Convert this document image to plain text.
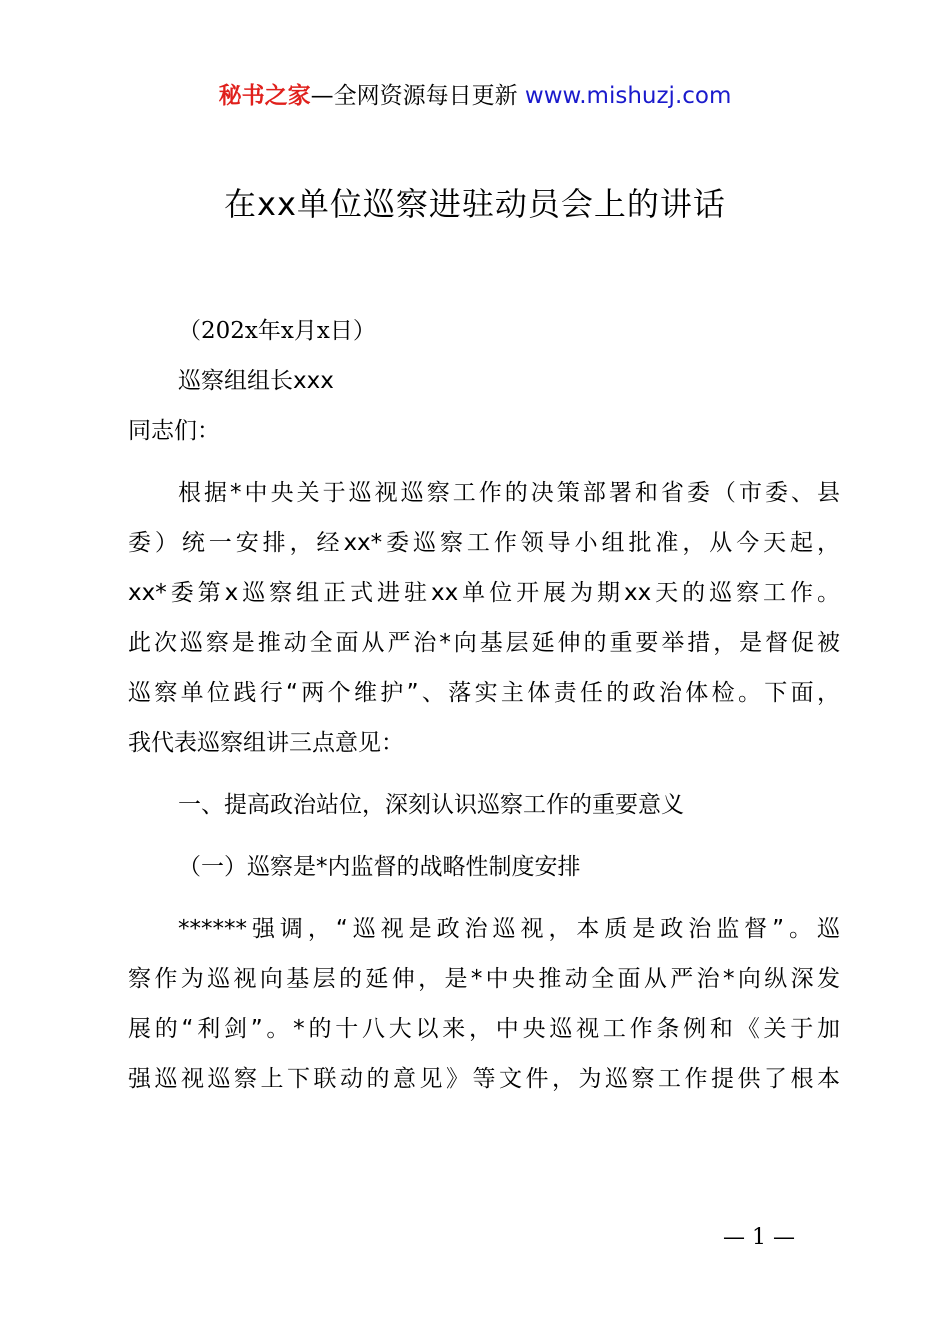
秘书之家—全网资源每日更新 www.mishuzj.com
在xx单位巡察进驻动员会上的讲话
（202x年x月x日）
巡察组组长xxx
同志们：
根据*中央关于巡视巡察工作的决策部署和省委（市委、县
委）统一安排，经xx*委巡察工作领导小组批准，从今天起，
xx*委第x巡察组正式进驻xx单位开展为期xx天的巡察工作。
此次巡察是推动全面从严治*向基层延伸的重要举措，是督促被
巡察单位践行“两个维护”、落实主体责任的政治体检。下面，
我代表巡察组讲三点意见：
一、提高政治站位，深刻认识巡察工作的重要意义
（一）巡察是*内监督的战略性制度安排
******强调，“巡视是政治巡视，本质是政治监督”。巡
察作为巡视向基层的延伸，是*中央推动全面从严治*向纵深发
展的“利剑”。*的十八大以来，中央巡视工作条例和《关于加
强巡视巡察上下联动的意见》等文件，为巡察工作提供了根本
— 1 —
